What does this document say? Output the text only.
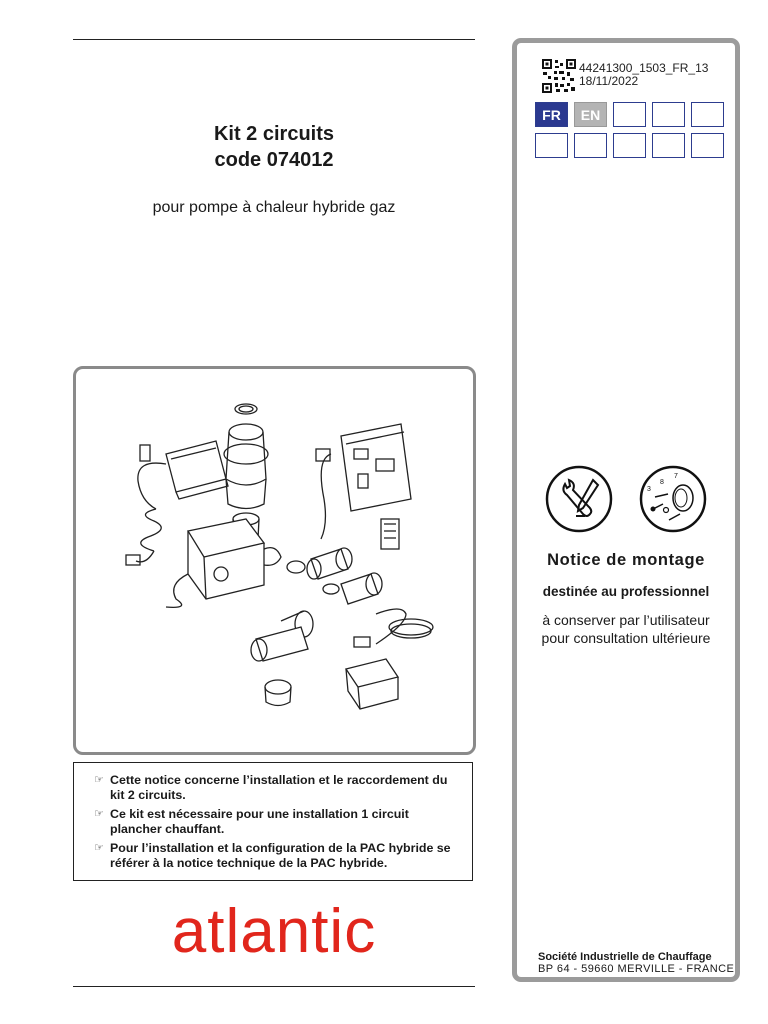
Kit 2 circuits
code 074012
pour pompe à chaleur hybride gaz
☞ Cette notice concerne l’installation et le raccordement du kit 2 circuits.
☞ Ce kit est nécessaire pour une installation 1 circuit plancher chauffant.
☞ Pour l’installation et la configuration de la PAC hybride se référer à la notice technique de la PAC hybride.
atlantic
44241300_1503_FR_13
18/11/2022
FR	EN
3
8
7
Notice de montage
destinée au professionnel
à conserver par l’utilisateur
pour consultation ultérieure
Société Industrielle de Chauffage
BP 64 - 59660 MERVILLE - FRANCE
